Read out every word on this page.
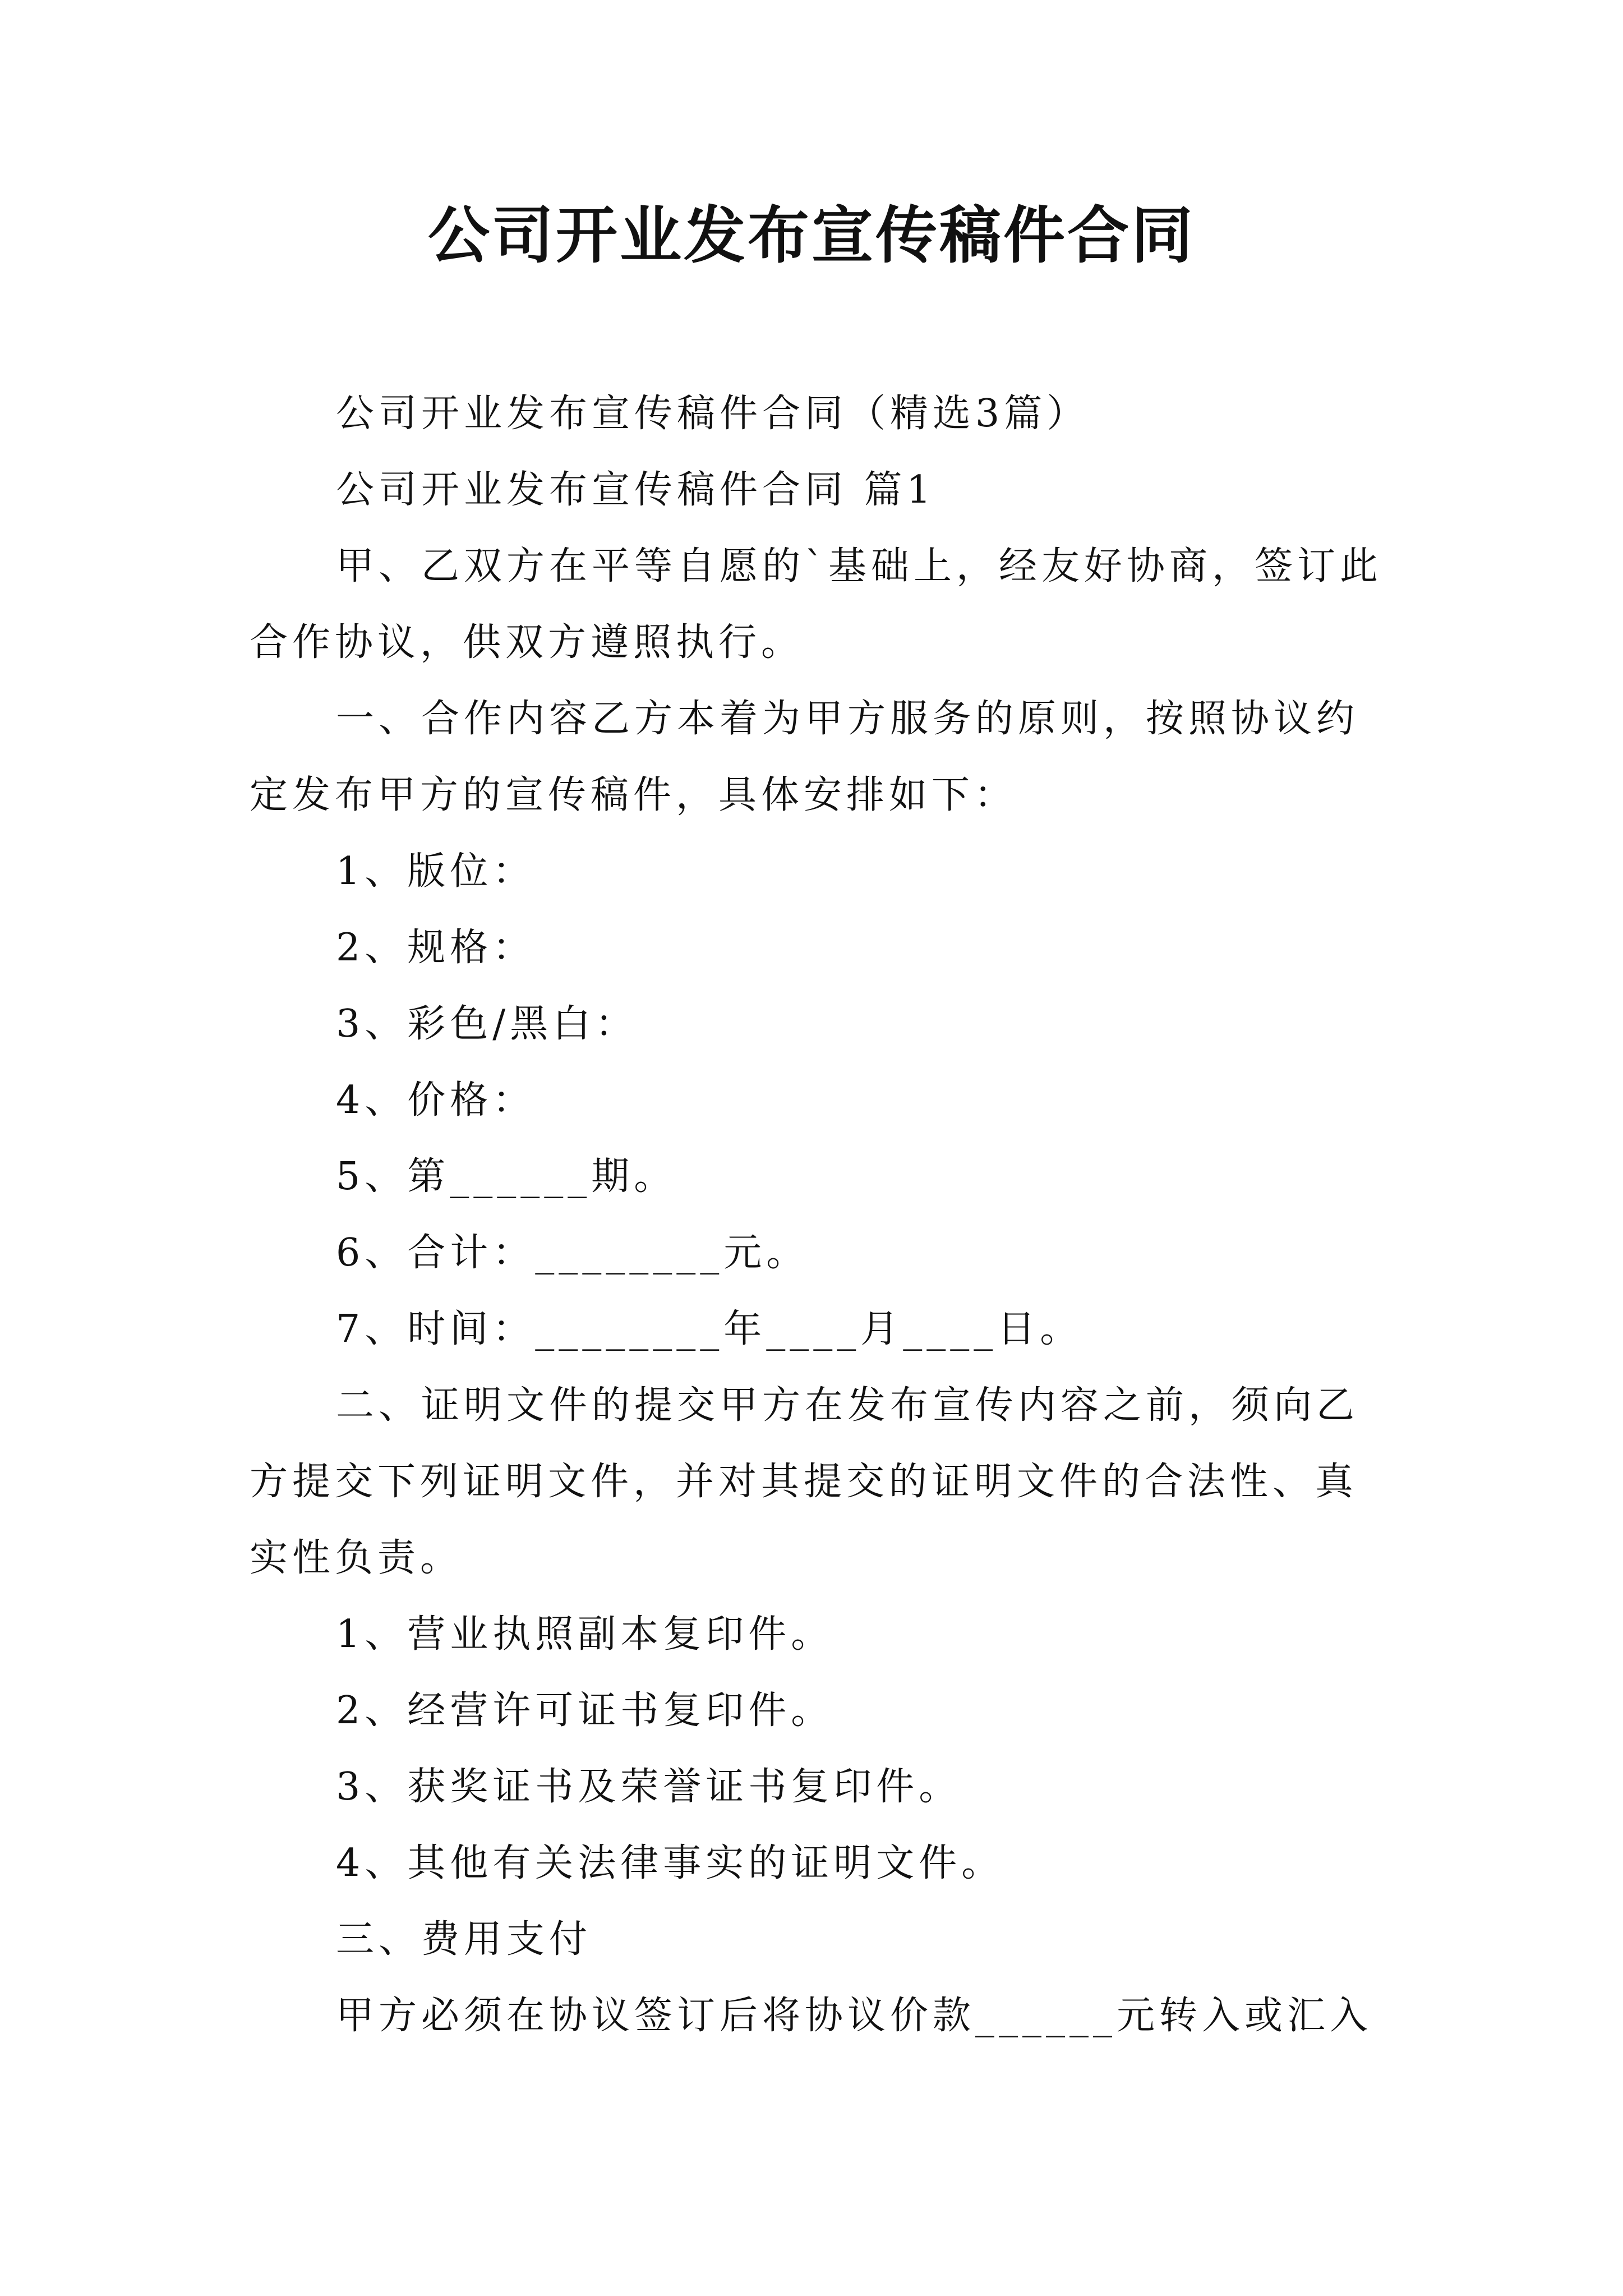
公司开业发布宣传稿件合同

公司开业发布宣传稿件合同（精选3篇）

公司开业发布宣传稿件合同 篇1

甲、乙双方在平等自愿的`基础上，经友好协商，签订此合作协议，供双方遵照执行。

一、合作内容乙方本着为甲方服务的原则，按照协议约定发布甲方的宣传稿件，具体安排如下：

1、版位：

2、规格：

3、彩色/黑白：

4、价格：

5、第______期。

6、合计：________元。

7、时间：________年____月____日。

二、证明文件的提交甲方在发布宣传内容之前，须向乙方提交下列证明文件，并对其提交的证明文件的合法性、真实性负责。

1、营业执照副本复印件。

2、经营许可证书复印件。

3、获奖证书及荣誉证书复印件。

4、其他有关法律事实的证明文件。

三、费用支付

甲方必须在协议签订后将协议价款______元转入或汇入
